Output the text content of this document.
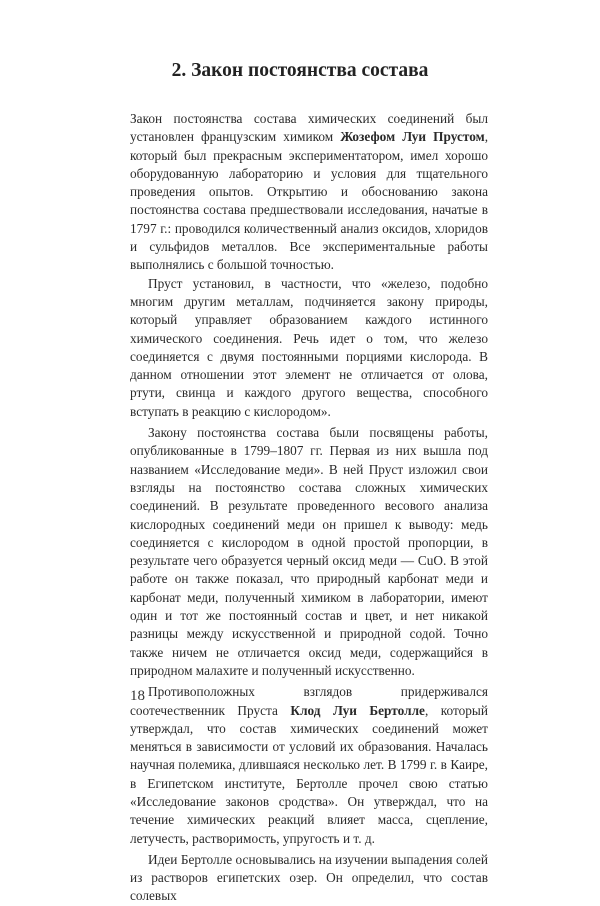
2. Закон постоянства состава

Закон постоянства состава химических соединений был установлен французским химиком Жозефом Луи Прустом, который был прекрасным экспериментатором, имел хорошо оборудованную лабораторию и условия для тщательного проведения опытов. Открытию и обоснованию закона постоянства состава предшествовали исследования, начатые в 1797 г.: проводился количественный анализ оксидов, хлоридов и сульфидов металлов. Все экспериментальные работы выполнялись с большой точностью.

Пруст установил, в частности, что «железо, подобно многим другим металлам, подчиняется закону природы, который управляет образованием каждого истинного химического соединения. Речь идет о том, что железо соединяется с двумя постоянными порциями кислорода. В данном отношении этот элемент не отличается от олова, ртути, свинца и каждого другого вещества, способного вступать в реакцию с кислородом».

Закону постоянства состава были посвящены работы, опубликованные в 1799–1807 гг. Первая из них вышла под названием «Исследование меди». В ней Пруст изложил свои взгляды на постоянство состава сложных химических соединений. В результате проведенного весового анализа кислородных соединений меди он пришел к выводу: медь соединяется с кислородом в одной простой пропорции, в результате чего образуется черный оксид меди — CuO. В этой работе он также показал, что природный карбонат меди и карбонат меди, полученный химиком в лаборатории, имеют один и тот же постоянный состав и цвет, и нет никакой разницы между искусственной и природной содой. Точно также ничем не отличается оксид меди, содержащийся в природном малахите и полученный искусственно.

Противоположных взглядов придерживался соотечественник Пруста Клод Луи Бертолле, который утверждал, что состав химических соединений может меняться в зависимости от условий их образования. Началась научная полемика, длившаяся несколько лет. В 1799 г. в Каире, в Египетском институте, Бертолле прочел свою статью «Исследование законов сродства». Он утверждал, что на течение химических реакций влияет масса, сцепление, летучесть, растворимость, упругость и т. д.

Идеи Бертолле основывались на изучении выпадения солей из растворов египетских озер. Он определил, что состав солевых

18
